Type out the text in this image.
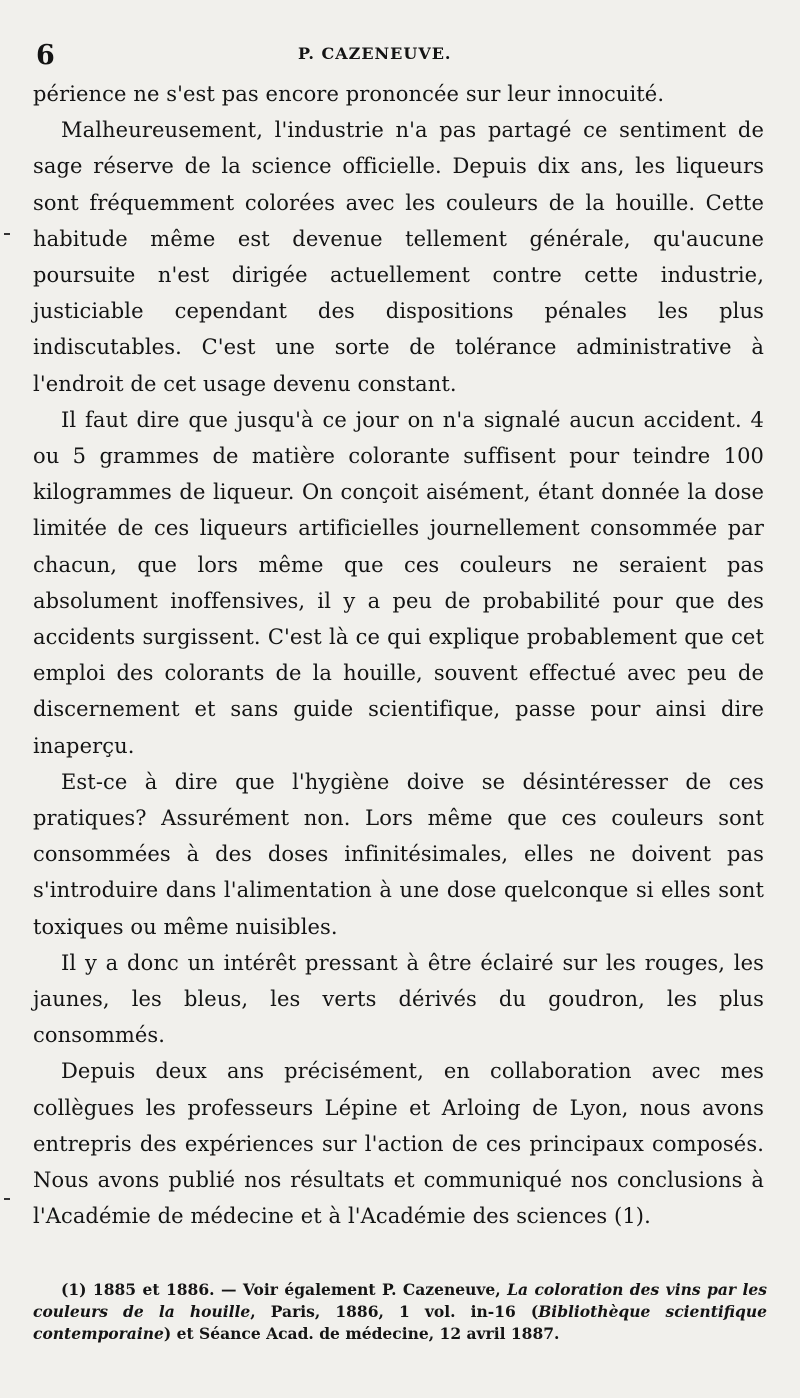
6	P. CAZENEUVE.

périence ne s'est pas encore prononcée sur leur innocuité.

Malheureusement, l'industrie n'a pas partagé ce sentiment de sage réserve de la science officielle. Depuis dix ans, les liqueurs sont fréquemment colorées avec les couleurs de la houille. Cette habitude même est devenue tellement générale, qu'aucune poursuite n'est dirigée actuellement contre cette industrie, justiciable cependant des dispositions pénales les plus indiscutables. C'est une sorte de tolérance administrative à l'endroit de cet usage devenu constant.

Il faut dire que jusqu'à ce jour on n'a signalé aucun accident. 4 ou 5 grammes de matière colorante suffisent pour teindre 100 kilogrammes de liqueur. On conçoit aisément, étant donnée la dose limitée de ces liqueurs artificielles journellement consommée par chacun, que lors même que ces couleurs ne seraient pas absolument inoffensives, il y a peu de probabilité pour que des accidents surgissent. C'est là ce qui explique probablement que cet emploi des colorants de la houille, souvent effectué avec peu de discernement et sans guide scientifique, passe pour ainsi dire inaperçu.

Est-ce à dire que l'hygiène doive se désintéresser de ces pratiques? Assurément non. Lors même que ces couleurs sont consommées à des doses infinitésimales, elles ne doivent pas s'introduire dans l'alimentation à une dose quelconque si elles sont toxiques ou même nuisibles.

Il y a donc un intérêt pressant à être éclairé sur les rouges, les jaunes, les bleus, les verts dérivés du goudron, les plus consommés.

Depuis deux ans précisément, en collaboration avec mes collègues les professeurs Lépine et Arloing de Lyon, nous avons entrepris des expériences sur l'action de ces principaux composés. Nous avons publié nos résultats et communiqué nos conclusions à l'Académie de médecine et à l'Académie des sciences (1).

(1) 1885 et 1886. — Voir également P. Cazeneuve, La coloration des vins par les couleurs de la houille, Paris, 1886, 1 vol. in-16 (Bibliothèque scientifique contemporaine) et Séance Acad. de médecine, 12 avril 1887.
